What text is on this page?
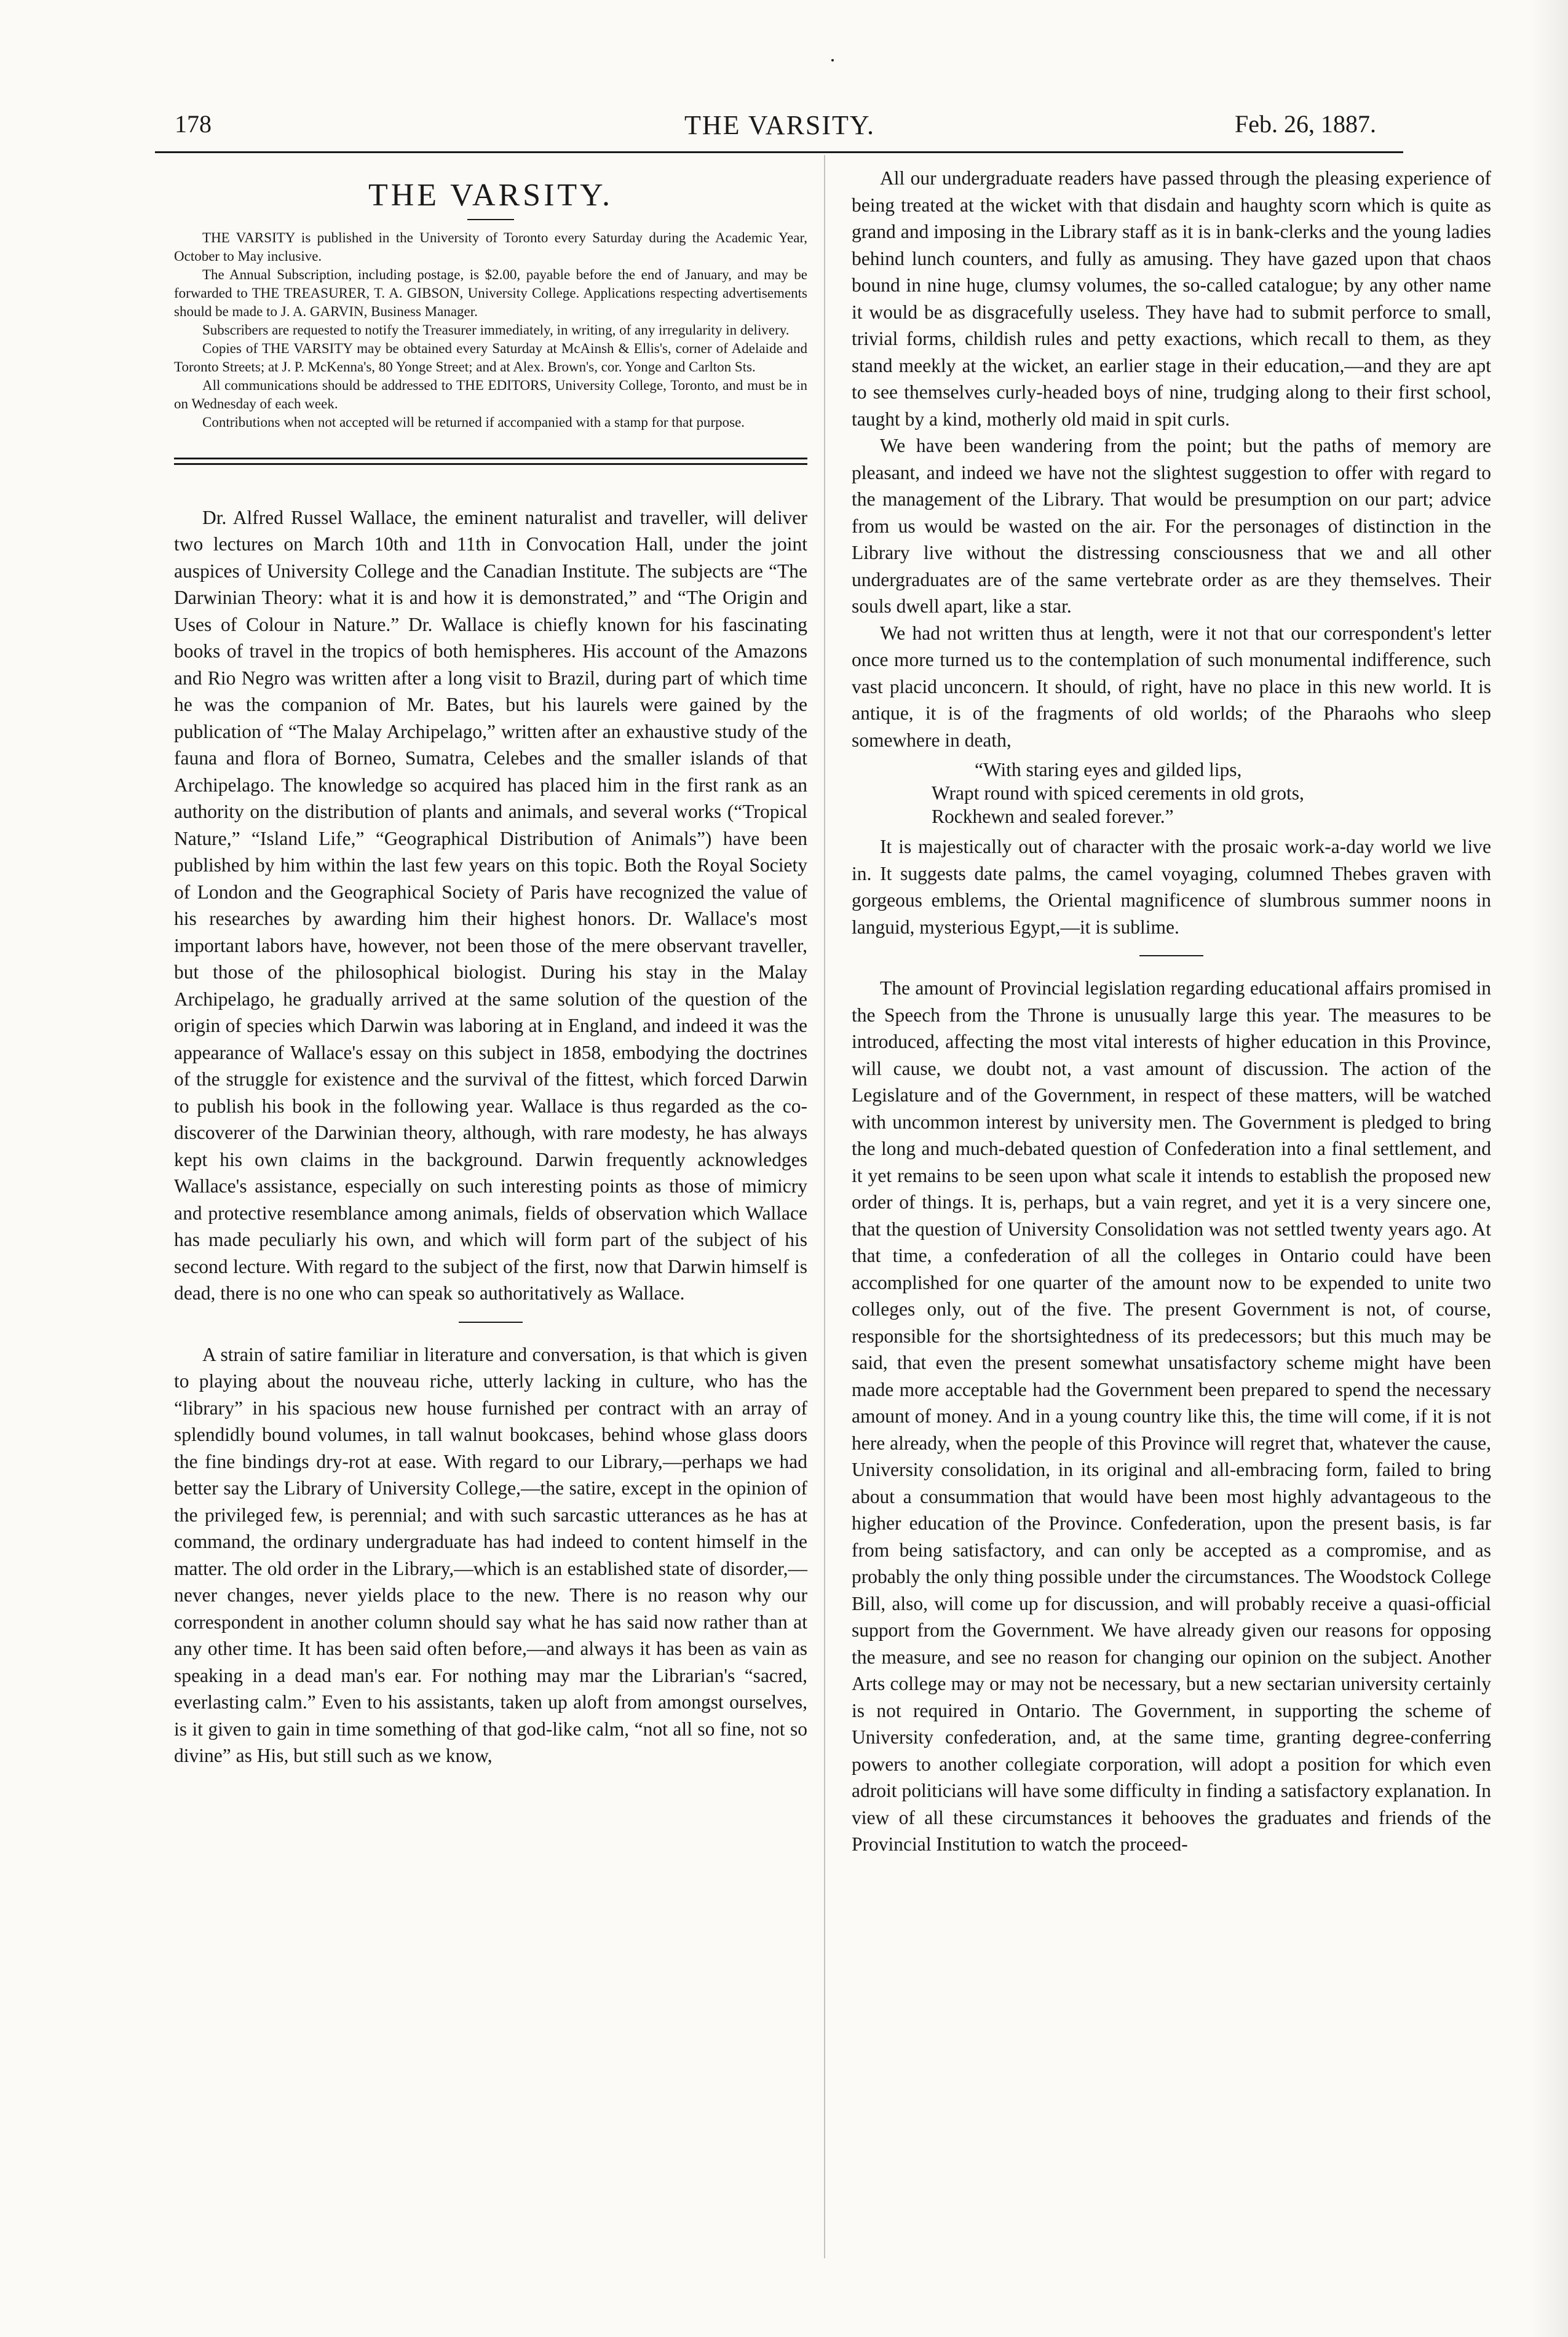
178	THE VARSITY.	Feb. 26, 1887.
THE VARSITY.

THE VARSITY is published in the University of Toronto every Saturday during the Academic Year, October to May inclusive.

The Annual Subscription, including postage, is $2.00, payable before the end of January, and may be forwarded to THE TREASURER, T. A. GIBSON, University College. Applications respecting advertisements should be made to J. A. GARVIN, Business Manager.

Subscribers are requested to notify the Treasurer immediately, in writing, of any irregularity in delivery.

Copies of THE VARSITY may be obtained every Saturday at McAinsh & Ellis's, corner of Adelaide and Toronto Streets; at J. P. McKenna's, 80 Yonge Street; and at Alex. Brown's, cor. Yonge and Carlton Sts.

All communications should be addressed to THE EDITORS, University College, Toronto, and must be in on Wednesday of each week.

Contributions when not accepted will be returned if accompanied with a stamp for that purpose.

Dr. Alfred Russel Wallace, the eminent naturalist and traveller, will deliver two lectures on March 10th and 11th in Convocation Hall, under the joint auspices of University College and the Canadian Institute. The subjects are “The Darwinian Theory: what it is and how it is demonstrated,” and “The Origin and Uses of Colour in Nature.” Dr. Wallace is chiefly known for his fascinating books of travel in the tropics of both hemispheres. His account of the Amazons and Rio Negro was written after a long visit to Brazil, during part of which time he was the companion of Mr. Bates, but his laurels were gained by the publication of “The Malay Archipelago,” written after an exhaustive study of the fauna and flora of Borneo, Sumatra, Celebes and the smaller islands of that Archipelago. The knowledge so acquired has placed him in the first rank as an authority on the distribution of plants and animals, and several works (“Tropical Nature,” “Island Life,” “Geographical Distribution of Animals”) have been published by him within the last few years on this topic. Both the Royal Society of London and the Geographical Society of Paris have recognized the value of his researches by awarding him their highest honors. Dr. Wallace's most important labors have, however, not been those of the mere observant traveller, but those of the philosophical biologist. During his stay in the Malay Archipelago, he gradually arrived at the same solution of the question of the origin of species which Darwin was laboring at in England, and indeed it was the appearance of Wallace's essay on this subject in 1858, embodying the doctrines of the struggle for existence and the survival of the fittest, which forced Darwin to publish his book in the following year. Wallace is thus regarded as the co-discoverer of the Darwinian theory, although, with rare modesty, he has always kept his own claims in the background. Darwin frequently acknowledges Wallace's assistance, especially on such interesting points as those of mimicry and protective resemblance among animals, fields of observation which Wallace has made peculiarly his own, and which will form part of the subject of his second lecture. With regard to the subject of the first, now that Darwin himself is dead, there is no one who can speak so authoritatively as Wallace.

A strain of satire familiar in literature and conversation, is that which is given to playing about the nouveau riche, utterly lacking in culture, who has the “library” in his spacious new house furnished per contract with an array of splendidly bound volumes, in tall walnut bookcases, behind whose glass doors the fine bindings dry-rot at ease. With regard to our Library,—perhaps we had better say the Library of University College,—the satire, except in the opinion of the privileged few, is perennial; and with such sarcastic utterances as he has at command, the ordinary undergraduate has had indeed to content himself in the matter. The old order in the Library,—which is an established state of disorder,—never changes, never yields place to the new. There is no reason why our correspondent in another column should say what he has said now rather than at any other time. It has been said often before,—and always it has been as vain as speaking in a dead man's ear. For nothing may mar the Librarian's “sacred, everlasting calm.” Even to his assistants, taken up aloft from amongst ourselves, is it given to gain in time something of that god-like calm, “not all so fine, not so divine” as His, but still such as we know,

All our undergraduate readers have passed through the pleasing experience of being treated at the wicket with that disdain and haughty scorn which is quite as grand and imposing in the Library staff as it is in bank-clerks and the young ladies behind lunch counters, and fully as amusing. They have gazed upon that chaos bound in nine huge, clumsy volumes, the so-called catalogue; by any other name it would be as disgracefully useless. They have had to submit perforce to small, trivial forms, childish rules and petty exactions, which recall to them, as they stand meekly at the wicket, an earlier stage in their education,—and they are apt to see themselves curly-headed boys of nine, trudging along to their first school, taught by a kind, motherly old maid in spit curls.

We have been wandering from the point; but the paths of memory are pleasant, and indeed we have not the slightest suggestion to offer with regard to the management of the Library. That would be presumption on our part; advice from us would be wasted on the air. For the personages of distinction in the Library live without the distressing consciousness that we and all other undergraduates are of the same vertebrate order as are they themselves. Their souls dwell apart, like a star.

We had not written thus at length, were it not that our correspondent's letter once more turned us to the contemplation of such monumental indifference, such vast placid unconcern. It should, of right, have no place in this new world. It is antique, it is of the fragments of old worlds; of the Pharaohs who sleep somewhere in death,

“With staring eyes and gilded lips,
Wrapt round with spiced cerements in old grots,
Rockhewn and sealed forever.”

It is majestically out of character with the prosaic work-a-day world we live in. It suggests date palms, the camel voyaging, columned Thebes graven with gorgeous emblems, the Oriental magnificence of slumbrous summer noons in languid, mysterious Egypt,—it is sublime.

The amount of Provincial legislation regarding educational affairs promised in the Speech from the Throne is unusually large this year. The measures to be introduced, affecting the most vital interests of higher education in this Province, will cause, we doubt not, a vast amount of discussion. The action of the Legislature and of the Government, in respect of these matters, will be watched with uncommon interest by university men. The Government is pledged to bring the long and much-debated question of Confederation into a final settlement, and it yet remains to be seen upon what scale it intends to establish the proposed new order of things. It is, perhaps, but a vain regret, and yet it is a very sincere one, that the question of University Consolidation was not settled twenty years ago. At that time, a confederation of all the colleges in Ontario could have been accomplished for one quarter of the amount now to be expended to unite two colleges only, out of the five. The present Government is not, of course, responsible for the shortsightedness of its predecessors; but this much may be said, that even the present somewhat unsatisfactory scheme might have been made more acceptable had the Government been prepared to spend the necessary amount of money. And in a young country like this, the time will come, if it is not here already, when the people of this Province will regret that, whatever the cause, University consolidation, in its original and all-embracing form, failed to bring about a consummation that would have been most highly advantageous to the higher education of the Province. Confederation, upon the present basis, is far from being satisfactory, and can only be accepted as a compromise, and as probably the only thing possible under the circumstances. The Woodstock College Bill, also, will come up for discussion, and will probably receive a quasi-official support from the Government. We have already given our reasons for opposing the measure, and see no reason for changing our opinion on the subject. Another Arts college may or may not be necessary, but a new sectarian university certainly is not required in Ontario. The Government, in supporting the scheme of University confederation, and, at the same time, granting degree-conferring powers to another collegiate corporation, will adopt a position for which even adroit politicians will have some difficulty in finding a satisfactory explanation. In view of all these circumstances it behooves the graduates and friends of the Provincial Institution to watch the proceed-
